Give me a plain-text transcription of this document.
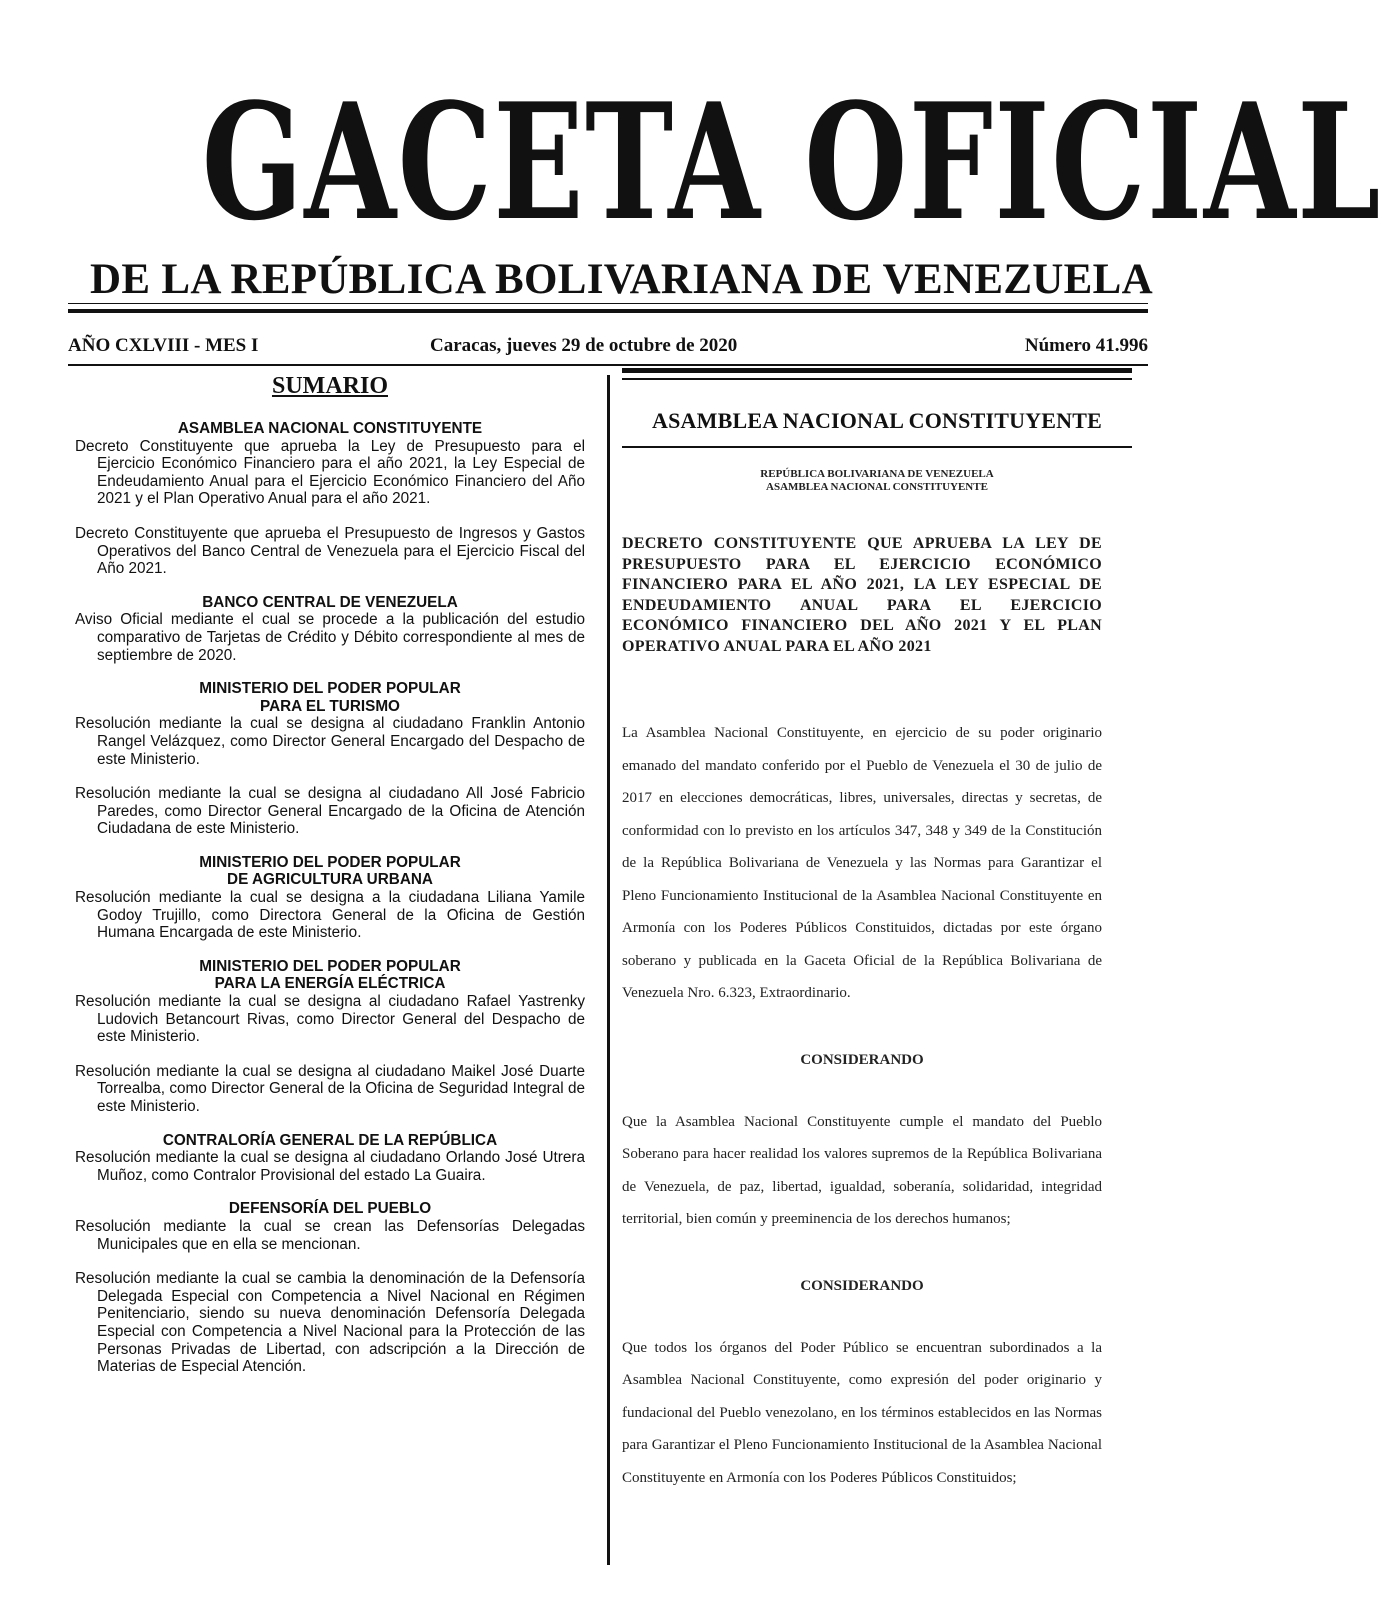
GACETA OFICIAL
DE LA REPÚBLICA BOLIVARIANA DE VENEZUELA
AÑO CXLVIII - MES I	Caracas, jueves 29 de octubre de 2020	Número 41.996
SUMARIO
ASAMBLEA NACIONAL CONSTITUYENTE

Decreto Constituyente que aprueba la Ley de Presupuesto para el Ejercicio Económico Financiero para el año 2021, la Ley Especial de Endeudamiento Anual para el Ejercicio Económico Financiero del Año 2021 y el Plan Operativo Anual para el año 2021.

Decreto Constituyente que aprueba el Presupuesto de Ingresos y Gastos Operativos del Banco Central de Venezuela para el Ejercicio Fiscal del Año 2021.

BANCO CENTRAL DE VENEZUELA

Aviso Oficial mediante el cual se procede a la publicación del estudio comparativo de Tarjetas de Crédito y Débito correspondiente al mes de septiembre de 2020.

MINISTERIO DEL PODER POPULAR
PARA EL TURISMO

Resolución mediante la cual se designa al ciudadano Franklin Antonio Rangel Velázquez, como Director General Encargado del Despacho de este Ministerio.

Resolución mediante la cual se designa al ciudadano All José Fabricio Paredes, como Director General Encargado de la Oficina de Atención Ciudadana de este Ministerio.

MINISTERIO DEL PODER POPULAR
DE AGRICULTURA URBANA

Resolución mediante la cual se designa a la ciudadana Liliana Yamile Godoy Trujillo, como Directora General de la Oficina de Gestión Humana Encargada de este Ministerio.

MINISTERIO DEL PODER POPULAR
PARA LA ENERGÍA ELÉCTRICA

Resolución mediante la cual se designa al ciudadano Rafael Yastrenky Ludovich Betancourt Rivas, como Director General del Despacho de este Ministerio.

Resolución mediante la cual se designa al ciudadano Maikel José Duarte Torrealba, como Director General de la Oficina de Seguridad Integral de este Ministerio.

CONTRALORÍA GENERAL DE LA REPÚBLICA

Resolución mediante la cual se designa al ciudadano Orlando José Utrera Muñoz, como Contralor Provisional del estado La Guaira.

DEFENSORÍA DEL PUEBLO

Resolución mediante la cual se crean las Defensorías Delegadas Municipales que en ella se mencionan.

Resolución mediante la cual se cambia la denominación de la Defensoría Delegada Especial con Competencia a Nivel Nacional en Régimen Penitenciario, siendo su nueva denominación Defensoría Delegada Especial con Competencia a Nivel Nacional para la Protección de las Personas Privadas de Libertad, con adscripción a la Dirección de Materias de Especial Atención.

ASAMBLEA NACIONAL CONSTITUYENTE
REPÚBLICA BOLIVARIANA DE VENEZUELA
ASAMBLEA NACIONAL CONSTITUYENTE
DECRETO CONSTITUYENTE QUE APRUEBA LA LEY DE PRESUPUESTO PARA EL EJERCICIO ECONÓMICO FINANCIERO PARA EL AÑO 2021, LA LEY ESPECIAL DE ENDEUDAMIENTO ANUAL PARA EL EJERCICIO ECONÓMICO FINANCIERO DEL AÑO 2021 Y EL PLAN OPERATIVO ANUAL PARA EL AÑO 2021

La Asamblea Nacional Constituyente, en ejercicio de su poder originario emanado del mandato conferido por el Pueblo de Venezuela el 30 de julio de 2017 en elecciones democráticas, libres, universales, directas y secretas, de conformidad con lo previsto en los artículos 347, 348 y 349 de la Constitución de la República Bolivariana de Venezuela y las Normas para Garantizar el Pleno Funcionamiento Institucional de la Asamblea Nacional Constituyente en Armonía con los Poderes Públicos Constituidos, dictadas por este órgano soberano y publicada en la Gaceta Oficial de la República Bolivariana de Venezuela Nro. 6.323, Extraordinario.

CONSIDERANDO

Que la Asamblea Nacional Constituyente cumple el mandato del Pueblo Soberano para hacer realidad los valores supremos de la República Bolivariana de Venezuela, de paz, libertad, igualdad, soberanía, solidaridad, integridad territorial, bien común y preeminencia de los derechos humanos;

CONSIDERANDO

Que todos los órganos del Poder Público se encuentran subordinados a la Asamblea Nacional Constituyente, como expresión del poder originario y fundacional del Pueblo venezolano, en los términos establecidos en las Normas para Garantizar el Pleno Funcionamiento Institucional de la Asamblea Nacional Constituyente en Armonía con los Poderes Públicos Constituidos;
